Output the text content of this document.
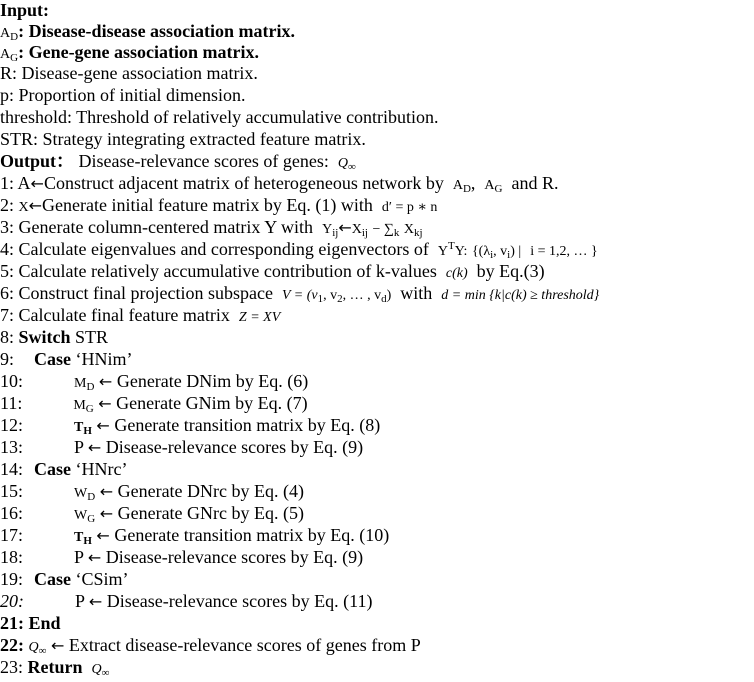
Input:
$A_D$: Disease-disease association matrix.
$A_G$: Gene-gene association matrix.
R: Disease-gene association matrix.
p: Proportion of initial dimension.
threshold: Threshold of relatively accumulative contribution.
STR: Strategy integrating extracted feature matrix.
Output： Disease-relevance scores of genes: $Q_\infty$
1: A←Construct adjacent matrix of heterogeneous network by $A_D$, $A_G$ and R.
2: X←Generate initial feature matrix by Eq. (1) with d′ = p ∗ n
3: Generate column-centered matrix Y with $Y_{ij}\leftarrow X_{ij} - \sum_k$ $X_{kj}$
4: Calculate eigenvalues and corresponding eigenvectors of $Y^TY$: {($\lambda_i$, $v_i$) | i = 1,2, … }
5: Calculate relatively accumulative contribution of k-values c(k) by Eq.(3)
6: Construct final projection subspace $V = (v_1$, $v_2$, … , $v_d$) with d = min {k|c(k) ≥ threshold}
7: Calculate final feature matrix Z = XV
8: Switch STR
9: Case ‘HNim’
10:	$M_D$ ← Generate DNim by Eq. (6)
11:	$M_G$ ← Generate GNim by Eq. (7)
12:	$T_H$ ← Generate transition matrix by Eq. (8)
13:	P ← Disease-relevance scores by Eq. (9)
14: Case ‘HNrc’
15:	$W_D$ ← Generate DNrc by Eq. (4)
16:	$W_G$ ← Generate GNrc by Eq. (5)
17:	$T_H$ ← Generate transition matrix by Eq. (10)
18:	P ← Disease-relevance scores by Eq. (9)
19: Case ‘CSim’
20:	P ← Disease-relevance scores by Eq. (11)
21: End
22: $Q_\infty$ ← Extract disease-relevance scores of genes from P
23: Return $Q_\infty$
